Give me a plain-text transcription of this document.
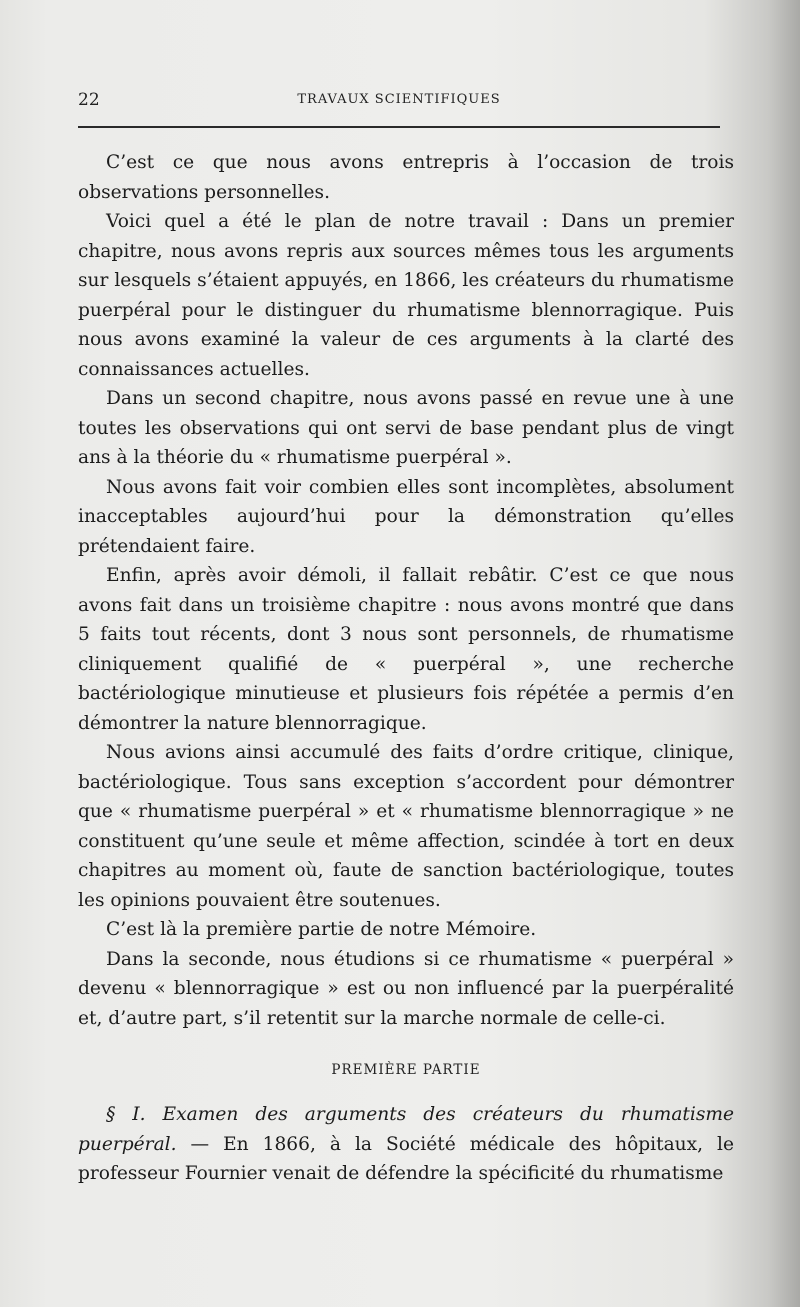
22	TRAVAUX SCIENTIFIQUES

C’est ce que nous avons entrepris à l’occasion de trois observations personnelles.

Voici quel a été le plan de notre travail : Dans un premier chapitre, nous avons repris aux sources mêmes tous les arguments sur lesquels s’étaient appuyés, en 1866, les créateurs du rhumatisme puerpéral pour le distinguer du rhumatisme blennorragique. Puis nous avons examiné la valeur de ces arguments à la clarté des connaissances actuelles.

Dans un second chapitre, nous avons passé en revue une à une toutes les observations qui ont servi de base pendant plus de vingt ans à la théorie du « rhumatisme puerpéral ».

Nous avons fait voir combien elles sont incomplètes, absolument inacceptables aujourd’hui pour la démonstration qu’elles prétendaient faire.

Enfin, après avoir démoli, il fallait rebâtir. C’est ce que nous avons fait dans un troisième chapitre : nous avons montré que dans 5 faits tout récents, dont 3 nous sont personnels, de rhumatisme cliniquement qualifié de « puerpéral », une recherche bactériologique minutieuse et plusieurs fois répétée a permis d’en démontrer la nature blennorragique.

Nous avions ainsi accumulé des faits d’ordre critique, clinique, bactériologique. Tous sans exception s’accordent pour démontrer que « rhumatisme puerpéral » et « rhumatisme blennorragique » ne constituent qu’une seule et même affection, scindée à tort en deux chapitres au moment où, faute de sanction bactériologique, toutes les opinions pouvaient être soutenues.

C’est là la première partie de notre Mémoire.

Dans la seconde, nous étudions si ce rhumatisme « puerpéral » devenu « blennorragique » est ou non influencé par la puerpéralité et, d’autre part, s’il retentit sur la marche normale de celle-ci.

PREMIÈRE PARTIE

§ I. Examen des arguments des créateurs du rhumatisme puerpéral. — En 1866, à la Société médicale des hôpitaux, le professeur Fournier venait de défendre la spécificité du rhumatisme
